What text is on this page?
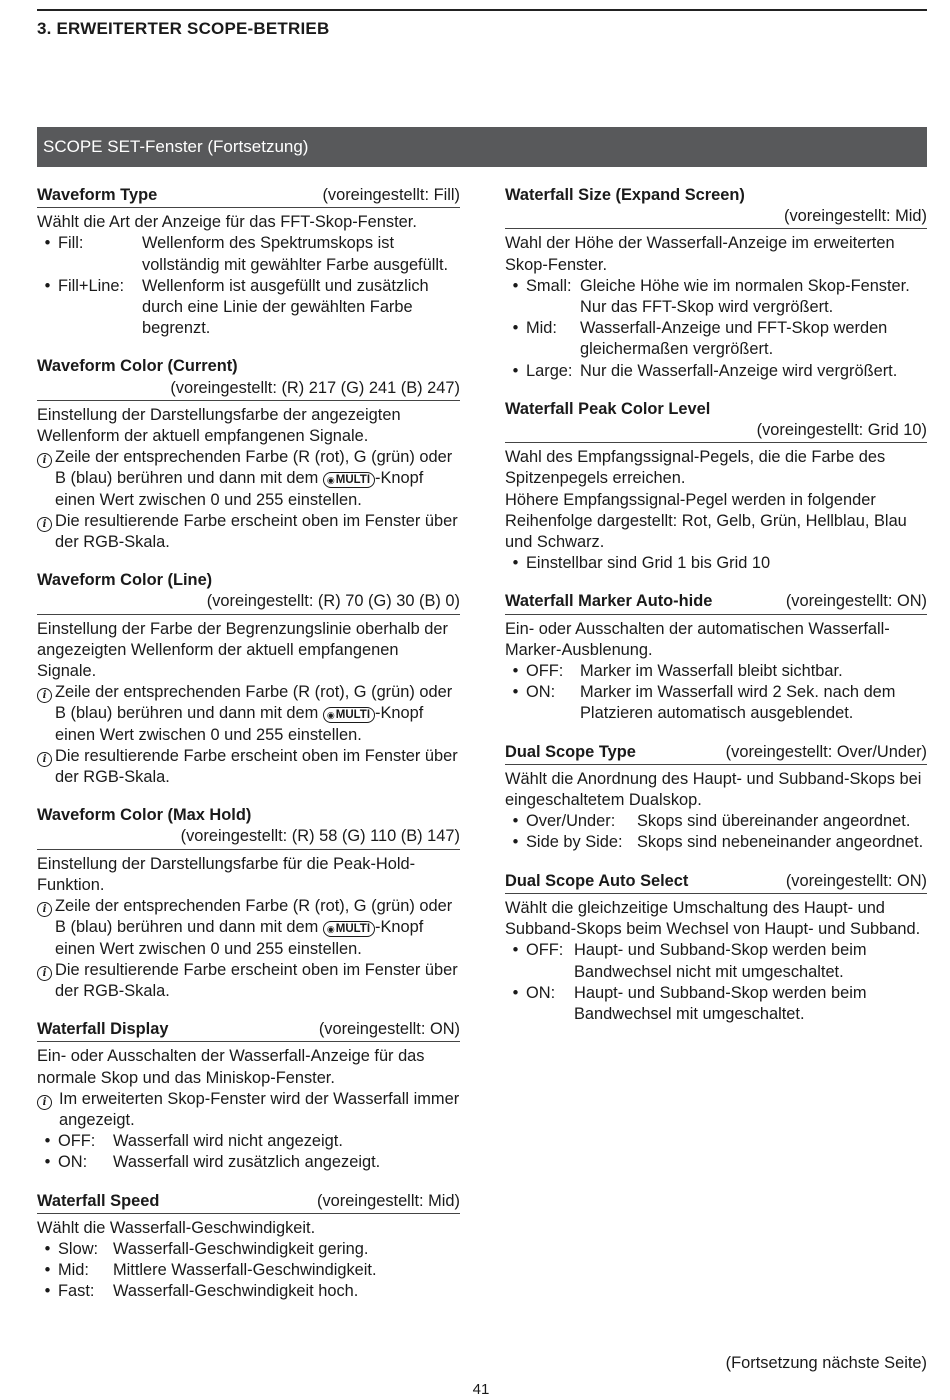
3. ERWEITERTER SCOPE-BETRIEB
SCOPE SET-Fenster (Fortsetzung)
Waveform Type	(voreingestellt: Fill)
Wählt die Art der Anzeige für das FFT-Skop-Fenster.
• Fill:	Wellenform des Spektrumskops ist vollständig mit gewählter Farbe ausgefüllt.
• Fill+Line:	Wellenform ist ausgefüllt und zusätzlich durch eine Linie der gewählten Farbe begrenzt.
Waveform Color (Current)
(voreingestellt: (R) 217 (G) 241 (B) 247)
Einstellung der Darstellungsfarbe der angezeigten Wellenform der aktuell empfangenen Signale.
i Zeile der entsprechenden Farbe (R (rot), G (grün) oder B (blau) berühren und dann mit dem ◉MULTI -Knopf einen Wert zwischen 0 und 255 einstellen.
i Die resultierende Farbe erscheint oben im Fenster über der RGB-Skala.
Waveform Color (Line)
(voreingestellt: (R) 70 (G) 30 (B) 0)
Einstellung der Farbe der Begrenzungslinie oberhalb der angezeigten Wellenform der aktuell empfangenen Signale.
i Zeile der entsprechenden Farbe (R (rot), G (grün) oder B (blau) berühren und dann mit dem ◉MULTI -Knopf einen Wert zwischen 0 und 255 einstellen.
i Die resultierende Farbe erscheint oben im Fenster über der RGB-Skala.
Waveform Color (Max Hold)
(voreingestellt: (R) 58 (G) 110 (B) 147)
Einstellung der Darstellungsfarbe für die Peak-Hold-Funktion.
i Zeile der entsprechenden Farbe (R (rot), G (grün) oder B (blau) berühren und dann mit dem ◉MULTI -Knopf einen Wert zwischen 0 und 255 einstellen.
i Die resultierende Farbe erscheint oben im Fenster über der RGB-Skala.
Waterfall Display	(voreingestellt: ON)
Ein- oder Ausschalten der Wasserfall-Anzeige für das normale Skop und das Miniskop-Fenster.
i Im erweiterten Skop-Fenster wird der Wasserfall immer angezeigt.
• OFF:	Wasserfall wird nicht angezeigt.
• ON:	Wasserfall wird zusätzlich angezeigt.
Waterfall Speed	(voreingestellt: Mid)
Wählt die Wasserfall-Geschwindigkeit.
• Slow: Wasserfall-Geschwindigkeit gering.
• Mid:	Mittlere Wasserfall-Geschwindigkeit.
• Fast:	Wasserfall-Geschwindigkeit hoch.
Waterfall Size (Expand Screen)
(voreingestellt: Mid)
Wahl der Höhe der Wasserfall-Anzeige im erweiterten Skop-Fenster.
• Small: Gleiche Höhe wie im normalen Skop-Fenster. Nur das FFT-Skop wird vergrößert.
• Mid:	Wasserfall-Anzeige und FFT-Skop werden gleichermaßen vergrößert.
• Large: Nur die Wasserfall-Anzeige wird vergrößert.
Waterfall Peak Color Level
(voreingestellt: Grid 10)
Wahl des Empfangssignal-Pegels, die die Farbe des Spitzenpegels erreichen.
Höhere Empfangssignal-Pegel werden in folgender Reihenfolge dargestellt: Rot, Gelb, Grün, Hellblau, Blau und Schwarz.
• Einstellbar sind Grid 1 bis Grid 10
Waterfall Marker Auto-hide	(voreingestellt: ON)
Ein- oder Ausschalten der automatischen Wasserfall-Marker-Ausblenung.
• OFF:	Marker im Wasserfall bleibt sichtbar.
• ON:	Marker im Wasserfall wird 2 Sek. nach dem Platzieren automatisch ausgeblendet.
Dual Scope Type	(voreingestellt: Over/Under)
Wählt die Anordnung des Haupt- und Subband-Skops bei eingeschaltetem Dualskop.
• Over/Under:	Skops sind übereinander angeordnet.
• Side by Side: Skops sind nebeneinander angeordnet.
Dual Scope Auto Select	(voreingestellt: ON)
Wählt die gleichzeitige Umschaltung des Haupt- und Subband-Skops beim Wechsel von Haupt- und Subband.
• OFF: Haupt- und Subband-Skop werden beim Bandwechsel nicht mit umgeschaltet.
• ON:	Haupt- und Subband-Skop werden beim Bandwechsel mit umgeschaltet.
(Fortsetzung nächste Seite)
41
